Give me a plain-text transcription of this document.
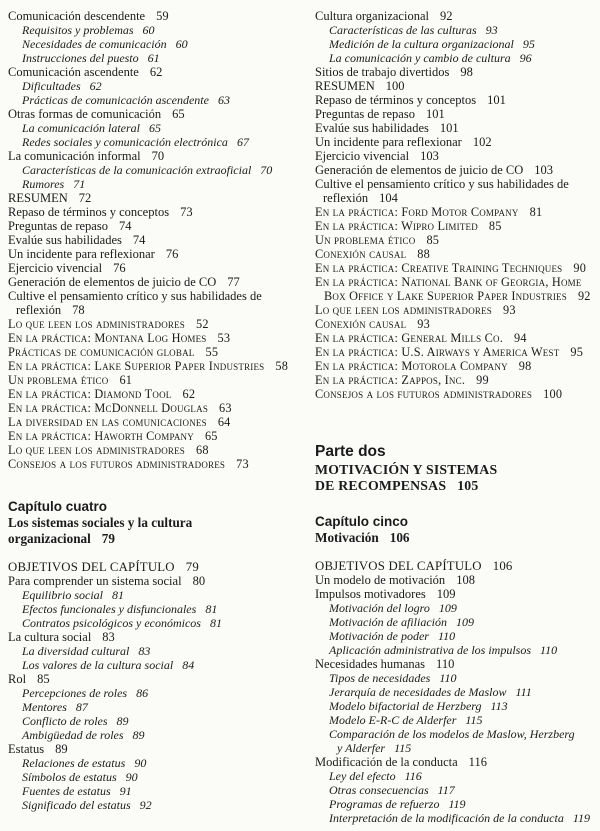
Comunicación descendente 59
Requisitos y problemas 60
Necesidades de comunicación 60
Instrucciones del puesto 61
Comunicación ascendente 62
Dificultades 62
Prácticas de comunicación ascendente 63
Otras formas de comunicación 65
La comunicación lateral 65
Redes sociales y comunicación electrónica 67
La comunicación informal 70
Características de la comunicación extraoficial 70
Rumores 71
RESUMEN 72
Repaso de términos y conceptos 73
Preguntas de repaso 74
Evalúe sus habilidades 74
Un incidente para reflexionar 76
Ejercicio vivencial 76
Generación de elementos de juicio de CO 77
Cultive el pensamiento crítico y sus habilidades de
reflexión 78
Lo que leen los administradores 52
En la práctica: Montana Log Homes 53
Prácticas de comunicación global 55
En la práctica: Lake Superior Paper Industries 58
Un problema ético 61
En la práctica: Diamond Tool 62
En la práctica: McDonnell Douglas 63
La diversidad en las comunicaciones 64
En la práctica: Haworth Company 65
Lo que leen los administradores 68
Consejos a los futuros administradores 73
Capítulo cuatro
Los sistemas sociales y la cultura
organizacional 79
OBJETIVOS DEL CAPÍTULO 79
Para comprender un sistema social 80
Equilibrio social 81
Efectos funcionales y disfuncionales 81
Contratos psicológicos y económicos 81
La cultura social 83
La diversidad cultural 83
Los valores de la cultura social 84
Rol 85
Percepciones de roles 86
Mentores 87
Conflicto de roles 89
Ambigüedad de roles 89
Estatus 89
Relaciones de estatus 90
Símbolos de estatus 90
Fuentes de estatus 91
Significado del estatus 92
Cultura organizacional 92
Características de las culturas 93
Medición de la cultura organizacional 95
La comunicación y cambio de cultura 96
Sitios de trabajo divertidos 98
RESUMEN 100
Repaso de términos y conceptos 101
Preguntas de repaso 101
Evalúe sus habilidades 101
Un incidente para reflexionar 102
Ejercicio vivencial 103
Generación de elementos de juicio de CO 103
Cultive el pensamiento crítico y sus habilidades de
reflexión 104
En la práctica: Ford Motor Company 81
En la práctica: Wipro Limited 85
Un problema ético 85
Conexión causal 88
En la práctica: Creative Training Techniques 90
En la práctica: National Bank of Georgia, Home
Box Office y Lake Superior Paper Industries 92
Lo que leen los administradores 93
Conexión causal 93
En la práctica: General Mills Co. 94
En la práctica: U.S. Airways y America West 95
En la práctica: Motorola Company 98
En la práctica: Zappos, Inc. 99
Consejos a los futuros administradores 100
Parte dos
MOTIVACIÓN Y SISTEMAS
DE RECOMPENSAS 105
Capítulo cinco
Motivación 106
OBJETIVOS DEL CAPÍTULO 106
Un modelo de motivación 108
Impulsos motivadores 109
Motivación del logro 109
Motivación de afiliación 109
Motivación de poder 110
Aplicación administrativa de los impulsos 110
Necesidades humanas 110
Tipos de necesidades 110
Jerarquía de necesidades de Maslow 111
Modelo bifactorial de Herzberg 113
Modelo E-R-C de Alderfer 115
Comparación de los modelos de Maslow, Herzberg
y Alderfer 115
Modificación de la conducta 116
Ley del efecto 116
Otras consecuencias 117
Programas de refuerzo 119
Interpretación de la modificación de la conducta 119
